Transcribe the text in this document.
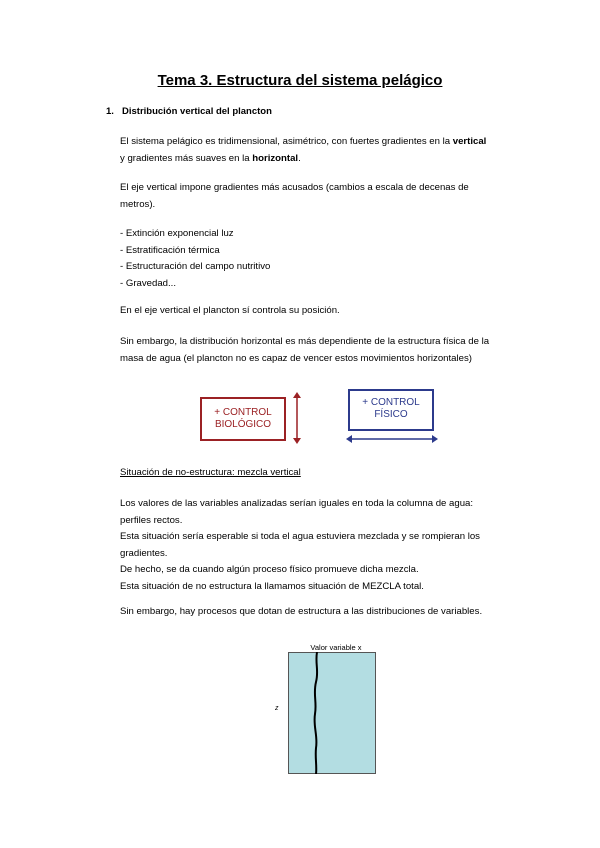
Tema 3. Estructura del sistema pelágico
1. Distribución vertical del plancton
El sistema pelágico es tridimensional, asimétrico, con fuertes gradientes en la vertical
y gradientes más suaves en la horizontal.
El eje vertical impone gradientes más acusados (cambios a escala de decenas de
metros).
- Extinción exponencial luz
- Estratificación térmica
- Estructuración del campo nutritivo
- Gravedad...
En el eje vertical el plancton sí controla su posición.
Sin embargo, la distribución horizontal es más dependiente de la estructura física de la
masa de agua (el plancton no es capaz de vencer estos movimientos horizontales)
+ CONTROL
BIOLÓGICO
+ CONTROL
FÍSICO
Situación de no-estructura: mezcla vertical
Los valores de las variables analizadas serían iguales en toda la columna de agua:
perfiles rectos.
Esta situación sería esperable si toda el agua estuviera mezclada y se rompieran los
gradientes.
De hecho, se da cuando algún proceso físico promueve dicha mezcla.
Esta situación de no estructura la llamamos situación de MEZCLA total.
Sin embargo, hay procesos que dotan de estructura a las distribuciones de variables.
Valor variable x
z
